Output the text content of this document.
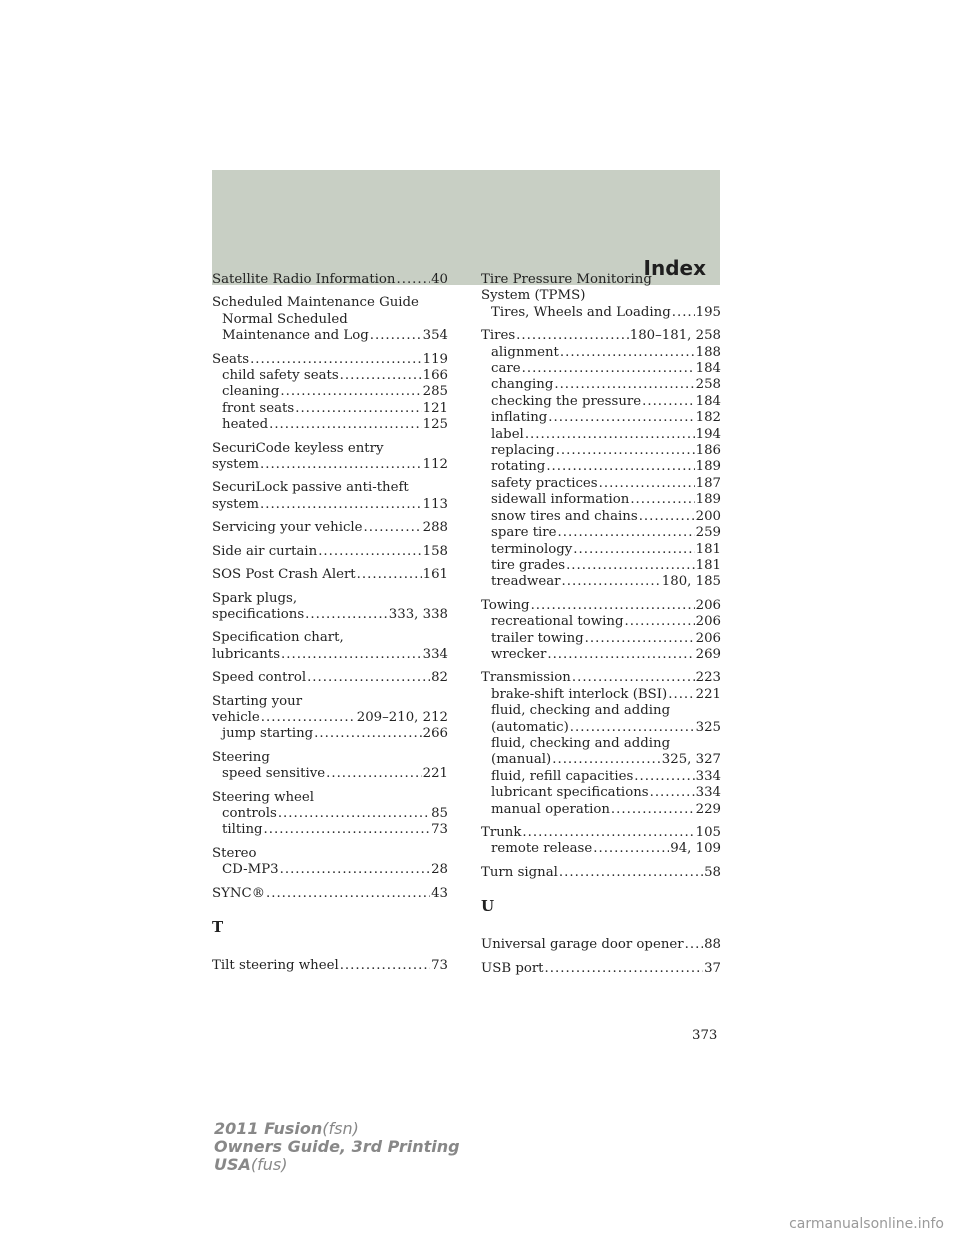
Index
Satellite Radio Information .....	40
Scheduled Maintenance Guide
Normal Scheduled
Maintenance and Log .....	354
Seats .....	119
child safety seats .....	166
cleaning .....	285
front seats .....	121
heated .....	125
SecuriCode keyless entry
system .....	112
SecuriLock passive anti-theft
system .....	113
Servicing your vehicle .....	288
Side air curtain .....	158
SOS Post Crash Alert .....	161
Spark plugs,
specifications .....	333, 338
Specification chart,
lubricants .....	334
Speed control .....	82
Starting your
vehicle .....	209–210, 212
jump starting .....	266
Steering
speed sensitive .....	221
Steering wheel
controls .....	85
tilting .....	73
Stereo
CD-MP3 .....	28
SYNC® .....	43
T
Tilt steering wheel .....	73
Tire Pressure Monitoring
System (TPMS)
Tires, Wheels and Loading ..... 195
Tires .....	180–181, 258
alignment .....	188
care .....	184
changing .....	258
checking the pressure .....	184
inflating .....	182
label .....	194
replacing .....	186
rotating .....	189
safety practices .....	187
sidewall information .....	189
snow tires and chains .....	200
spare tire .....	259
terminology .....	181
tire grades .....	181
treadwear .....	180, 185
Towing .....	206
recreational towing .....	206
trailer towing .....	206
wrecker .....	269
Transmission .....	223
brake-shift interlock (BSI) ..... 221
fluid, checking and adding
(automatic) .....	325
fluid, checking and adding
(manual) .....	325, 327
fluid, refill capacities .....	334
lubricant specifications .....	334
manual operation .....	229
Trunk .....	105
remote release .....	94, 109
Turn signal .....	58
U
Universal garage door opener ..... 88
USB port .....	37
373
2011 Fusion(fsn)
Owners Guide, 3rd Printing
USA(fus)
carmanualsonline.info
